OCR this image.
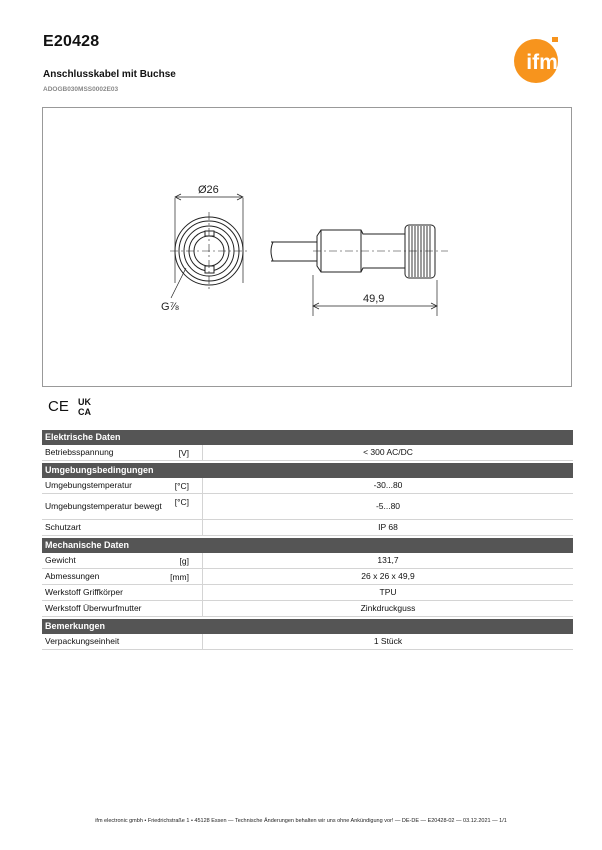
E20428
Anschlusskabel mit Buchse
ADOGB030MSS0002E03
ifm
Ø26
G⅞
49,9
CE UK
CA
Elektrische Daten
Betriebsspannung	[V]	< 300 AC/DC
Umgebungsbedingungen
Umgebungstemperatur	[°C]	-30...80
Umgebungstemperatur bewegt	[°C]	-5...80
Schutzart	IP 68
Mechanische Daten
Gewicht	[g]	131,7
Abmessungen	[mm]	26 x 26 x 49,9
Werkstoff Griffkörper	TPU
Werkstoff Überwurfmutter	Zinkdruckguss
Bemerkungen
Verpackungseinheit	1 Stück
ifm electronic gmbh • Friedrichstraße 1 • 45128 Essen — Technische Änderungen behalten wir uns ohne Ankündigung vor! — DE-DE — E20428-02 — 03.12.2021 — 1/1
